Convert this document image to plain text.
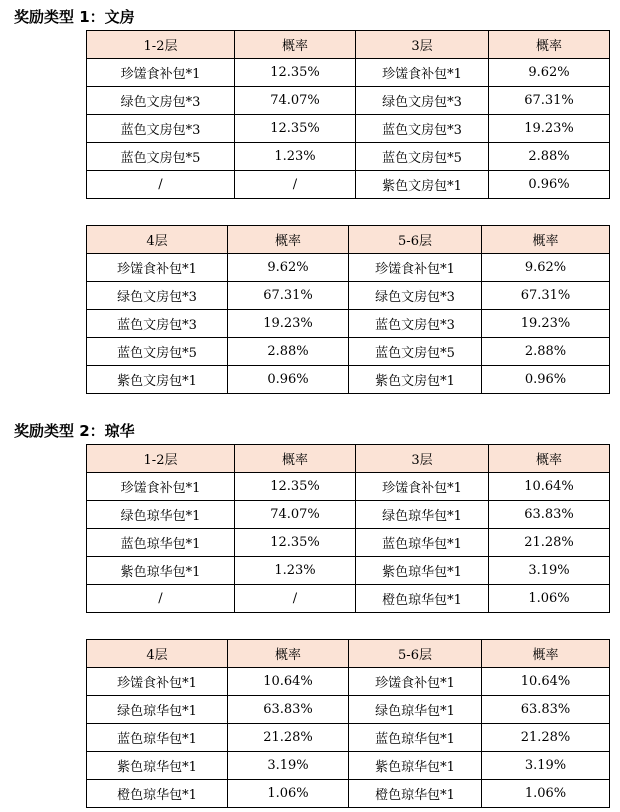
奖励类型 1：文房
1-2层	概率	3层	概率
珍馐食补包*1	12.35%	珍馐食补包*1	9.62%
绿色文房包*3	74.07%	绿色文房包*3	67.31%
蓝色文房包*3	12.35%	蓝色文房包*3	19.23%
蓝色文房包*5	1.23%	蓝色文房包*5	2.88%
/	/	紫色文房包*1	0.96%
4层	概率	5-6层	概率
珍馐食补包*1	9.62%	珍馐食补包*1	9.62%
绿色文房包*3	67.31%	绿色文房包*3	67.31%
蓝色文房包*3	19.23%	蓝色文房包*3	19.23%
蓝色文房包*5	2.88%	蓝色文房包*5	2.88%
紫色文房包*1	0.96%	紫色文房包*1	0.96%
奖励类型 2：琼华
1-2层	概率	3层	概率
珍馐食补包*1	12.35%	珍馐食补包*1	10.64%
绿色琼华包*1	74.07%	绿色琼华包*1	63.83%
蓝色琼华包*1	12.35%	蓝色琼华包*1	21.28%
紫色琼华包*1	1.23%	紫色琼华包*1	3.19%
/	/	橙色琼华包*1	1.06%
4层	概率	5-6层	概率
珍馐食补包*1	10.64%	珍馐食补包*1	10.64%
绿色琼华包*1	63.83%	绿色琼华包*1	63.83%
蓝色琼华包*1	21.28%	蓝色琼华包*1	21.28%
紫色琼华包*1	3.19%	紫色琼华包*1	3.19%
橙色琼华包*1	1.06%	橙色琼华包*1	1.06%
